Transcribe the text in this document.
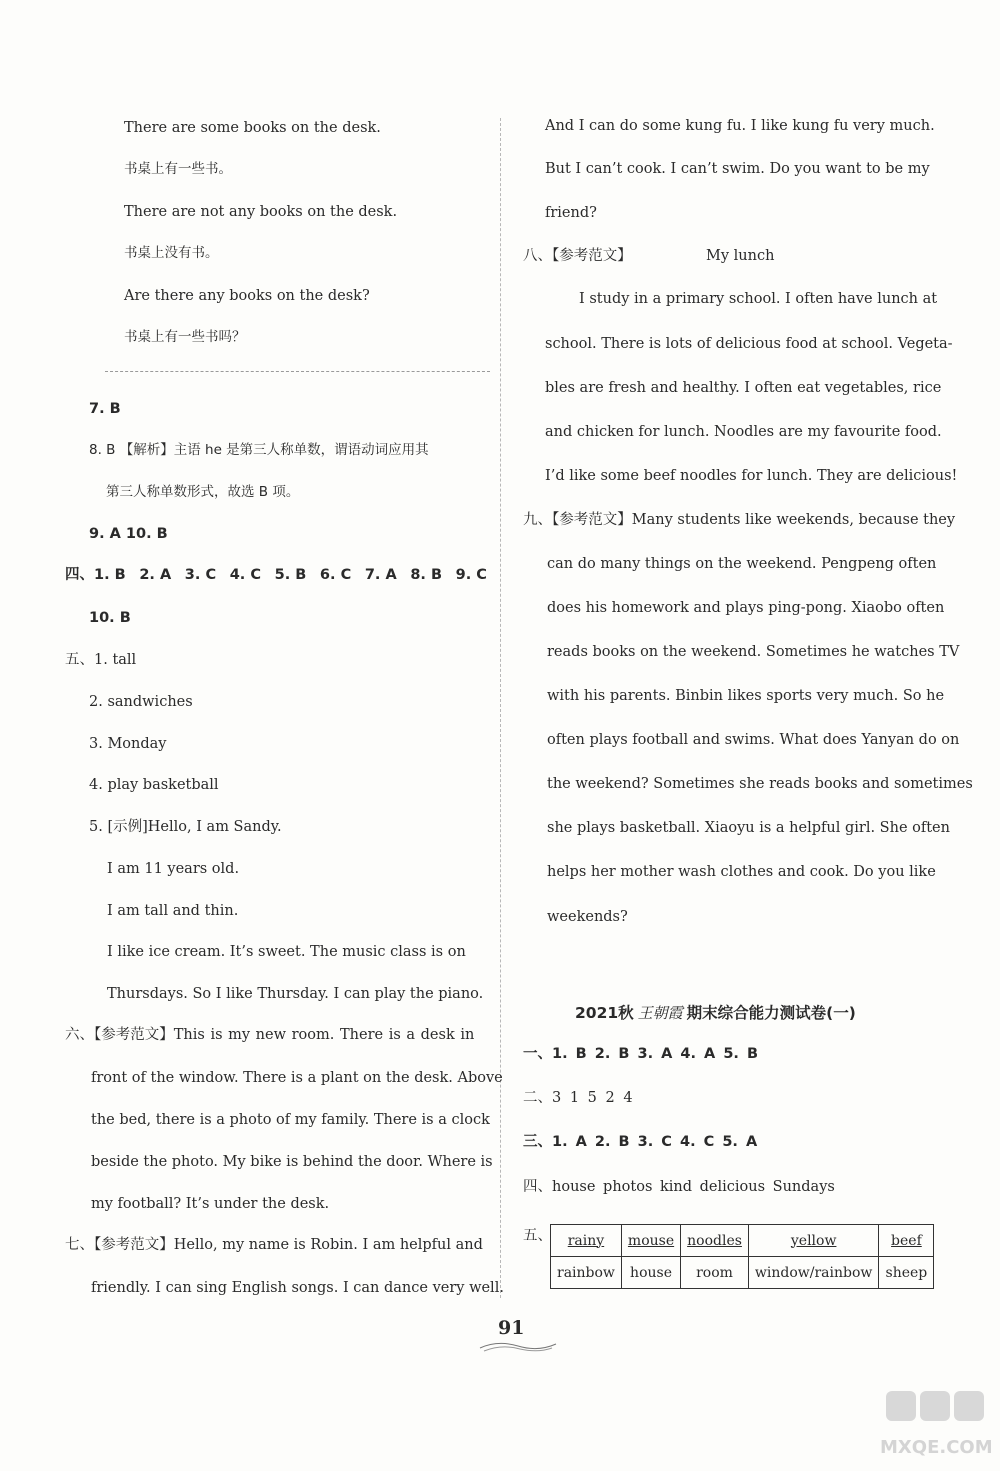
There are some books on the desk.
书桌上有一些书。
There are not any books on the desk.
书桌上没有书。
Are there any books on the desk?
书桌上有一些书吗？
7. B
8. B 【解析】主语 he 是第三人称单数，谓语动词应用其
第三人称单数形式，故选 B 项。
9. A 10. B
四、1. B 2. A 3. C 4. C 5. B 6. C 7. A 8. B 9. C
10. B
五、1. tall
2. sandwiches
3. Monday
4. play basketball
5. [示例]Hello, I am Sandy.
I am 11 years old.
I am tall and thin.
I like ice cream. It’s sweet. The music class is on
Thursdays. So I like Thursday. I can play the piano.
六、【参考范文】This is my new room. There is a desk in
front of the window. There is a plant on the desk. Above
the bed, there is a photo of my family. There is a clock
beside the photo. My bike is behind the door. Where is
my football? It’s under the desk.
七、【参考范文】Hello, my name is Robin. I am helpful and
friendly. I can sing English songs. I can dance very well.
And I can do some kung fu. I like kung fu very much.
But I can’t cook. I can’t swim. Do you want to be my
friend?
八、【参考范文】	My lunch
I study in a primary school. I often have lunch at
school. There is lots of delicious food at school. Vegeta-
bles are fresh and healthy. I often eat vegetables, rice
and chicken for lunch. Noodles are my favourite food.
I’d like some beef noodles for lunch. They are delicious!
九、【参考范文】Many students like weekends, because they
can do many things on the weekend. Pengpeng often
does his homework and plays ping-pong. Xiaobo often
reads books on the weekend. Sometimes he watches TV
with his parents. Binbin likes sports very much. So he
often plays football and swims. What does Yanyan do on
the weekend? Sometimes she reads books and sometimes
she plays basketball. Xiaoyu is a helpful girl. She often
helps her mother wash clothes and cook. Do you like
weekends?
2021秋 王朝霞 期末综合能力测试卷(一)
一、1. B 2. B 3. A 4. A 5. B
二、3 1 5 2 4
三、1. A 2. B 3. C 4. C 5. A
四、house photos kind delicious Sundays
五、 rainy	mouse	noodles	yellow	beef
rainbow	house	room	window/rainbow	sheep
91
MXQE.COM
